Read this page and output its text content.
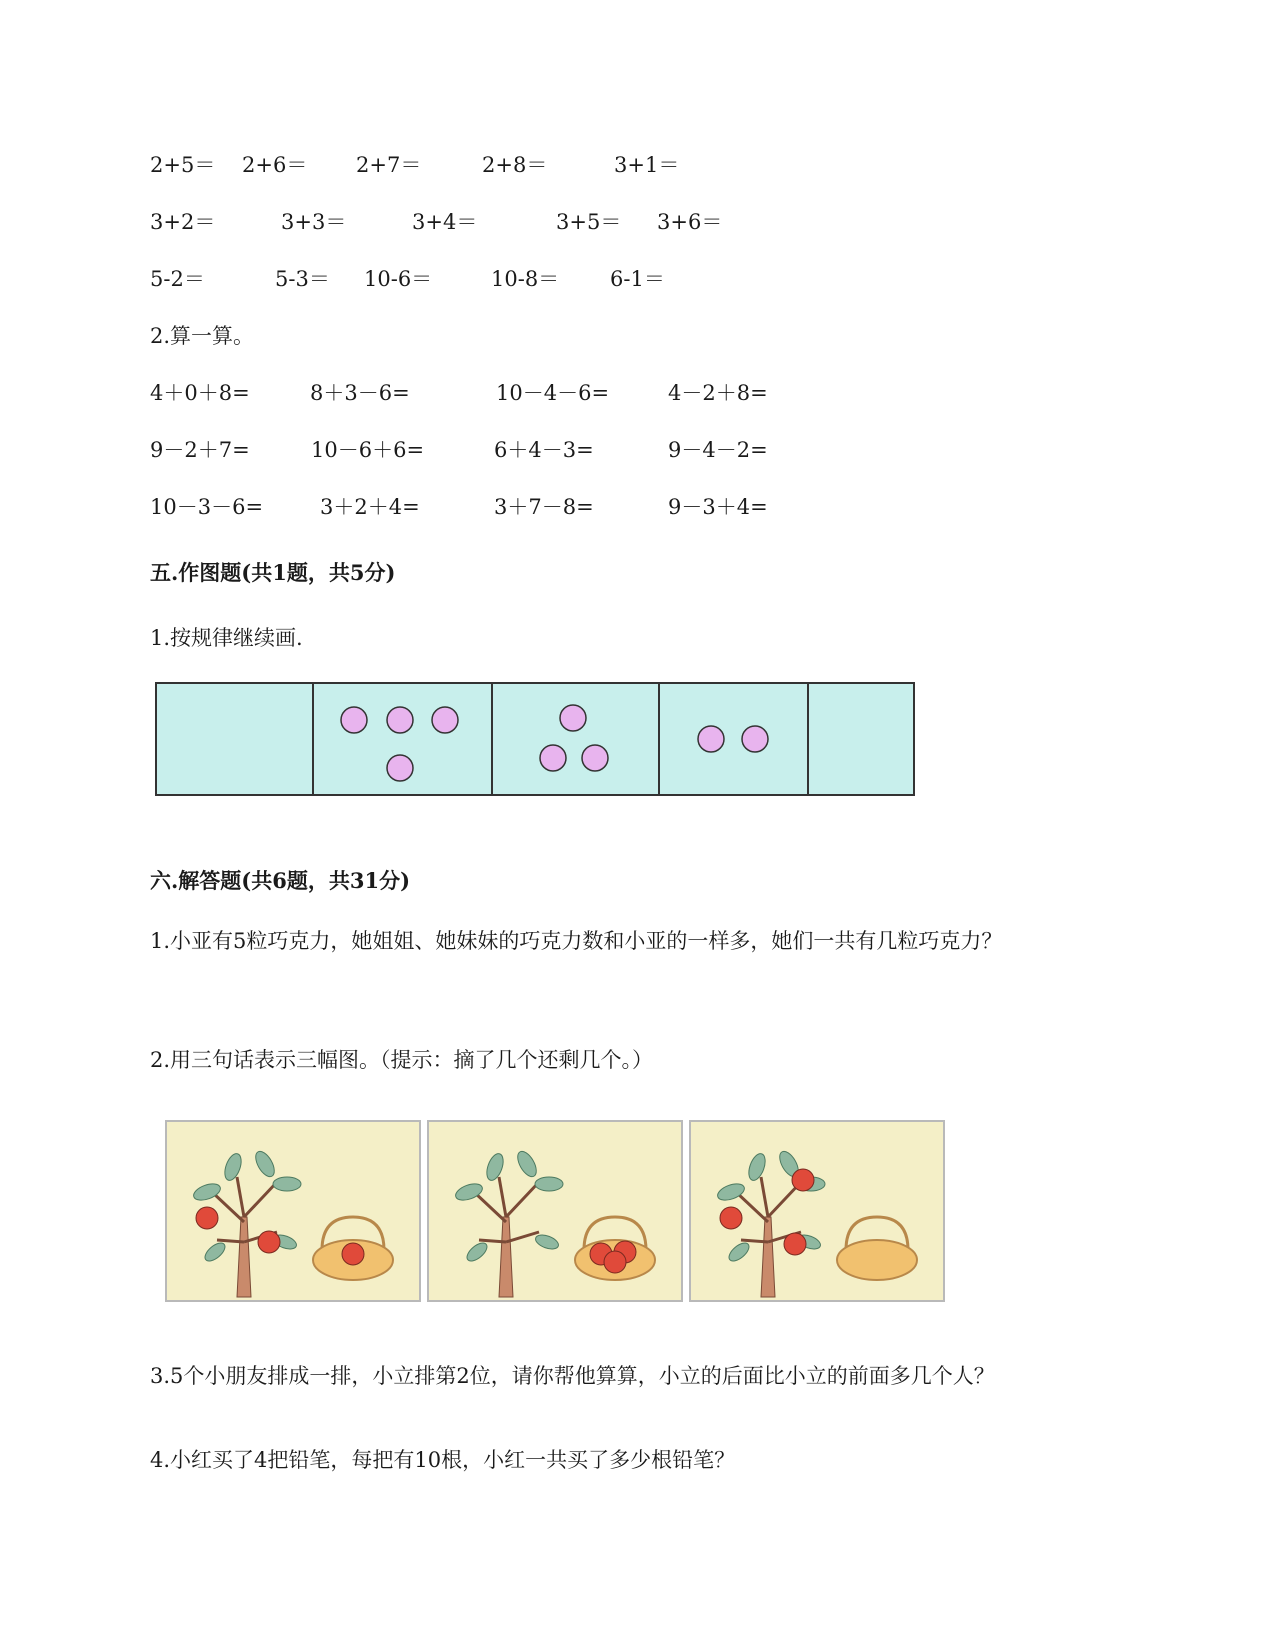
2+5＝ 2+6＝ 2+7＝	2+8＝	3+1＝
3+2＝	3+3＝	3+4＝	3+5＝ 3+6＝
5-2＝	5-3＝ 10-6＝	10-8＝ 6-1＝
2.算一算。
4＋0＋8=	8＋3－6=	10－4－6=	4－2＋8=
9－2＋7=	10－6＋6=	6＋4－3=	9－4－2=
10－3－6=	3＋2＋4=	3＋7－8=	9－3＋4=
五.作图题(共1题，共5分)
1.按规律继续画.
六.解答题(共6题，共31分)
1.小亚有5粒巧克力，她姐姐、她妹妹的巧克力数和小亚的一样多，她们一共有几粒巧克力？
2.用三句话表示三幅图。（提示：摘了几个还剩几个。）
3.5个小朋友排成一排，小立排第2位，请你帮他算算，小立的后面比小立的前面多几个人？
4.小红买了4把铅笔，每把有10根，小红一共买了多少根铅笔？
